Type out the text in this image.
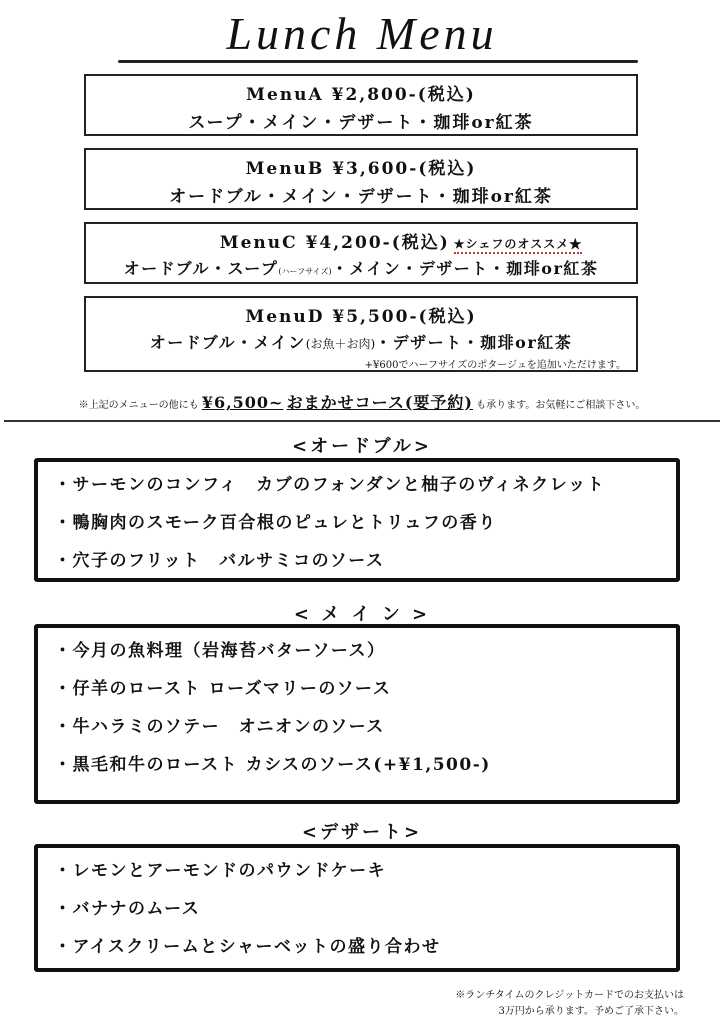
Lunch Menu
MenuA ¥2,800-(税込)
スープ・メイン・デザート・珈琲or紅茶
MenuB ¥3,600-(税込)
オードブル・メイン・デザート・珈琲or紅茶
MenuC ¥4,200-(税込) ★シェフのオススメ★
オードブル・スープ(ハーフサイズ)・メイン・デザート・珈琲or紅茶
MenuD ¥5,500-(税込)
オードブル・メイン(お魚＋お肉)・デザート・珈琲or紅茶
+¥600でハーフサイズのポタージュを追加いただけます。
※上記のメニューの他にも ¥6,500~ おまかせコース(要予約) も承ります。お気軽にご相談下さい。
<オードブル>
・サーモンのコンフィ　カブのフォンダンと柚子のヴィネクレット
・鴨胸肉のスモーク百合根のピュレとトリュフの香り
・穴子のフリット　バルサミコのソース
< メ イ ン >
・今月の魚料理（岩海苔バターソース）
・仔羊のロースト ローズマリーのソース
・牛ハラミのソテー　オニオンのソース
・黒毛和牛のロースト カシスのソース(+¥1,500-)
<デザート>
・レモンとアーモンドのパウンドケーキ
・バナナのムース
・アイスクリームとシャーベットの盛り合わせ
※ランチタイムのクレジットカードでのお支払いは
3万円から承ります。予めご了承下さい。
